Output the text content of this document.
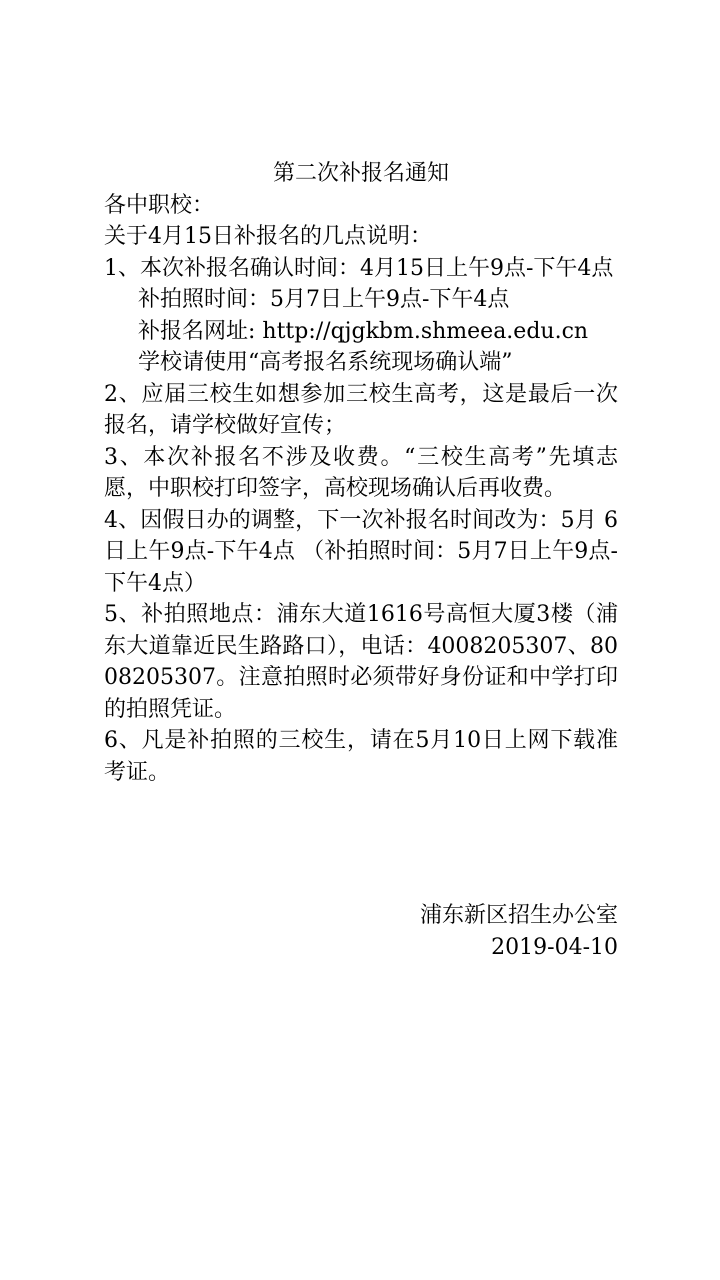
第二次补报名通知

各中职校：

关于4月15日补报名的几点说明：

1、本次补报名确认时间：4月15日上午9点-下午4点

补拍照时间：5月7日上午9点-下午4点

补报名网址: http://qjgkbm.shmeea.edu.cn

学校请使用“高考报名系统现场确认端”

2、应届三校生如想参加三校生高考，这是最后一次报名，请学校做好宣传；

3、本次补报名不涉及收费。“三校生高考”先填志愿，中职校打印签字，高校现场确认后再收费。

4、因假日办的调整，下一次补报名时间改为：5月 6日上午9点-下午4点 （补拍照时间：5月7日上午9点-下午4点）

5、补拍照地点：浦东大道1616号高恒大厦3楼（浦东大道靠近民生路路口），电话：4008205307、8008205307。注意拍照时必须带好身份证和中学打印的拍照凭证。

6、凡是补拍照的三校生，请在5月10日上网下载准考证。

浦东新区招生办公室
2019-04-10
